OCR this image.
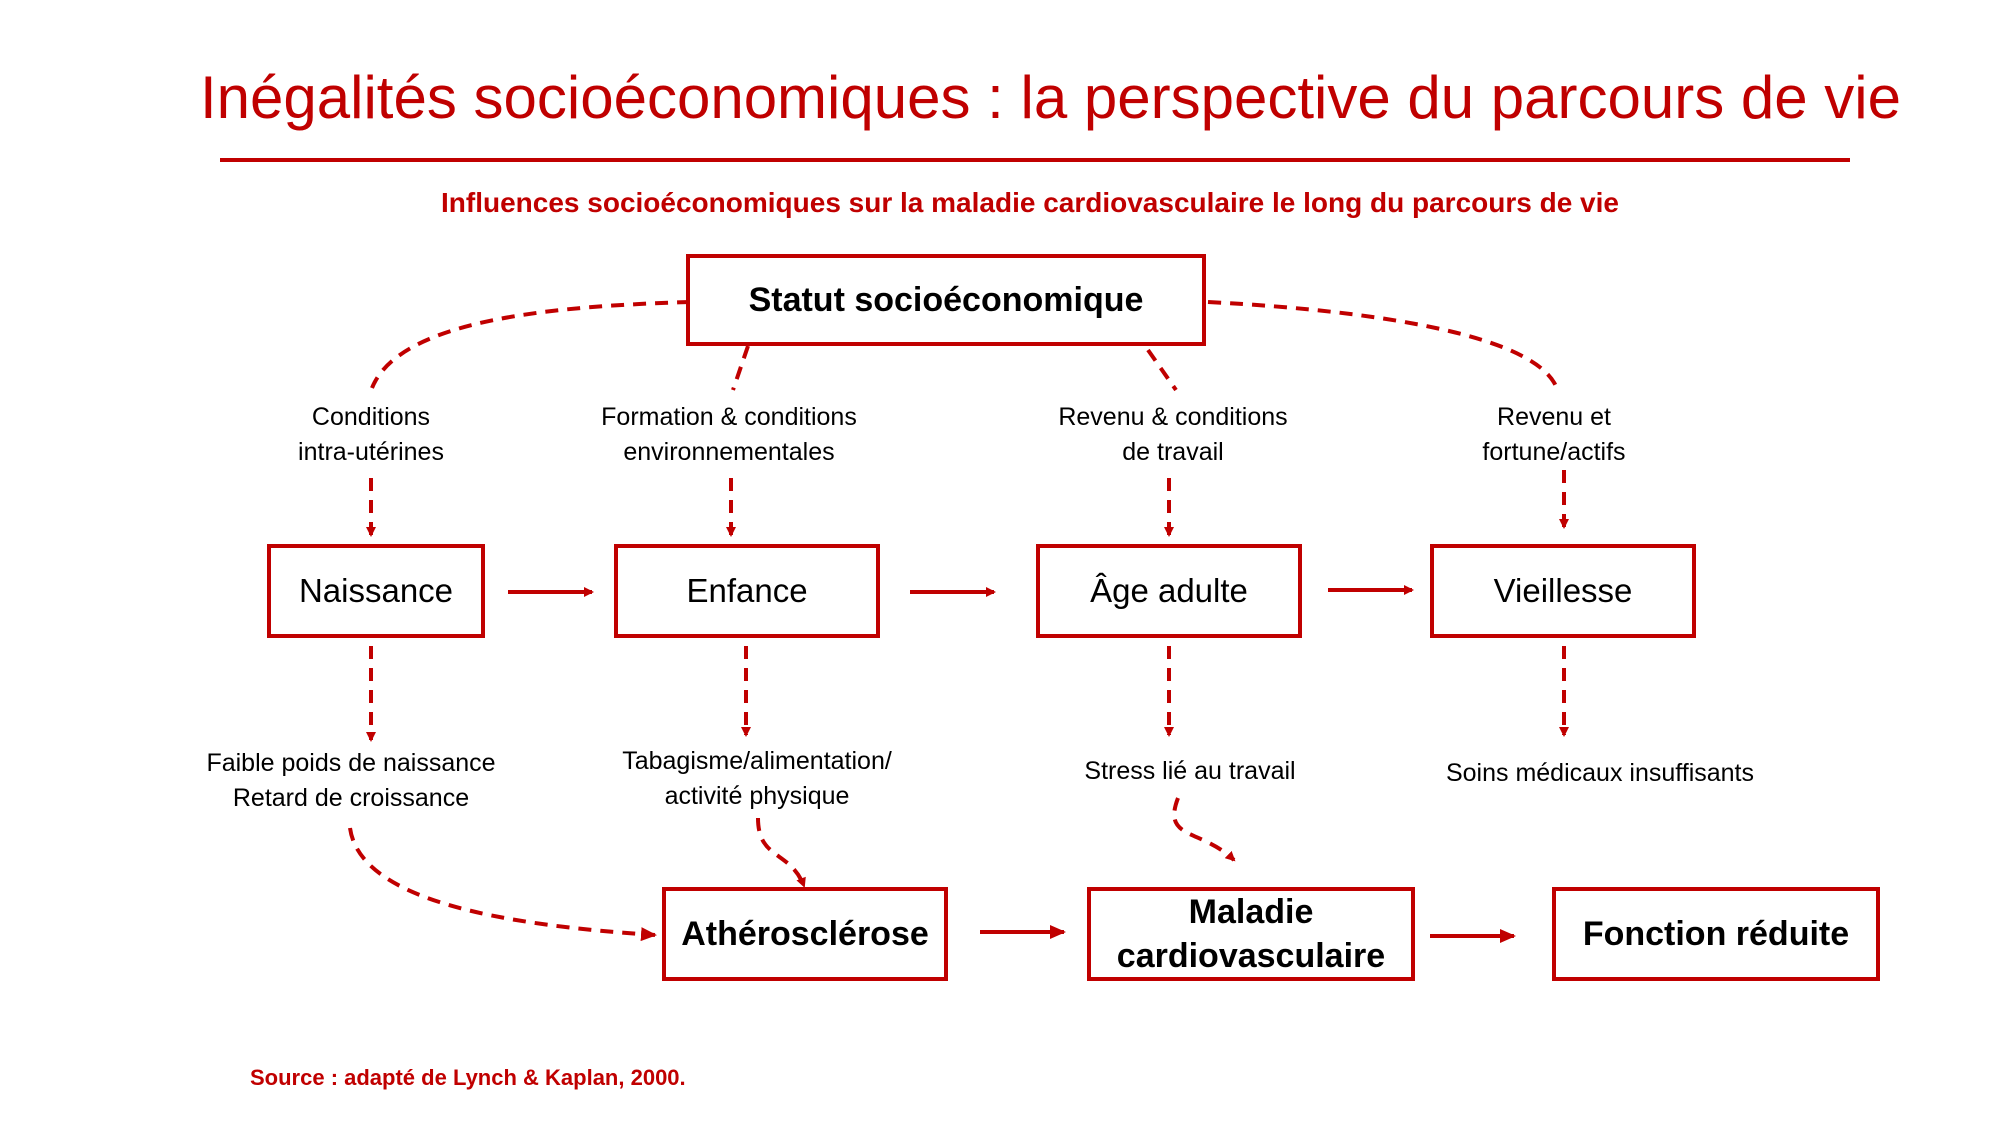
Inégalités socioéconomiques : la perspective du parcours de vie
Influences socioéconomiques sur la maladie cardiovasculaire le long du parcours de vie
Statut socioéconomique
Conditions
intra-utérines
Formation & conditions
environnementales
Revenu & conditions
de travail
Revenu et
fortune/actifs
Naissance	Enfance	Âge adulte	Vieillesse
Faible poids de naissance
Retard de croissance
Tabagisme/alimentation/
activité physique
Stress lié au travail	Soins médicaux insuffisants
Athérosclérose
Maladie
cardiovasculaire
Fonction réduite
Source : adapté de Lynch & Kaplan, 2000.
